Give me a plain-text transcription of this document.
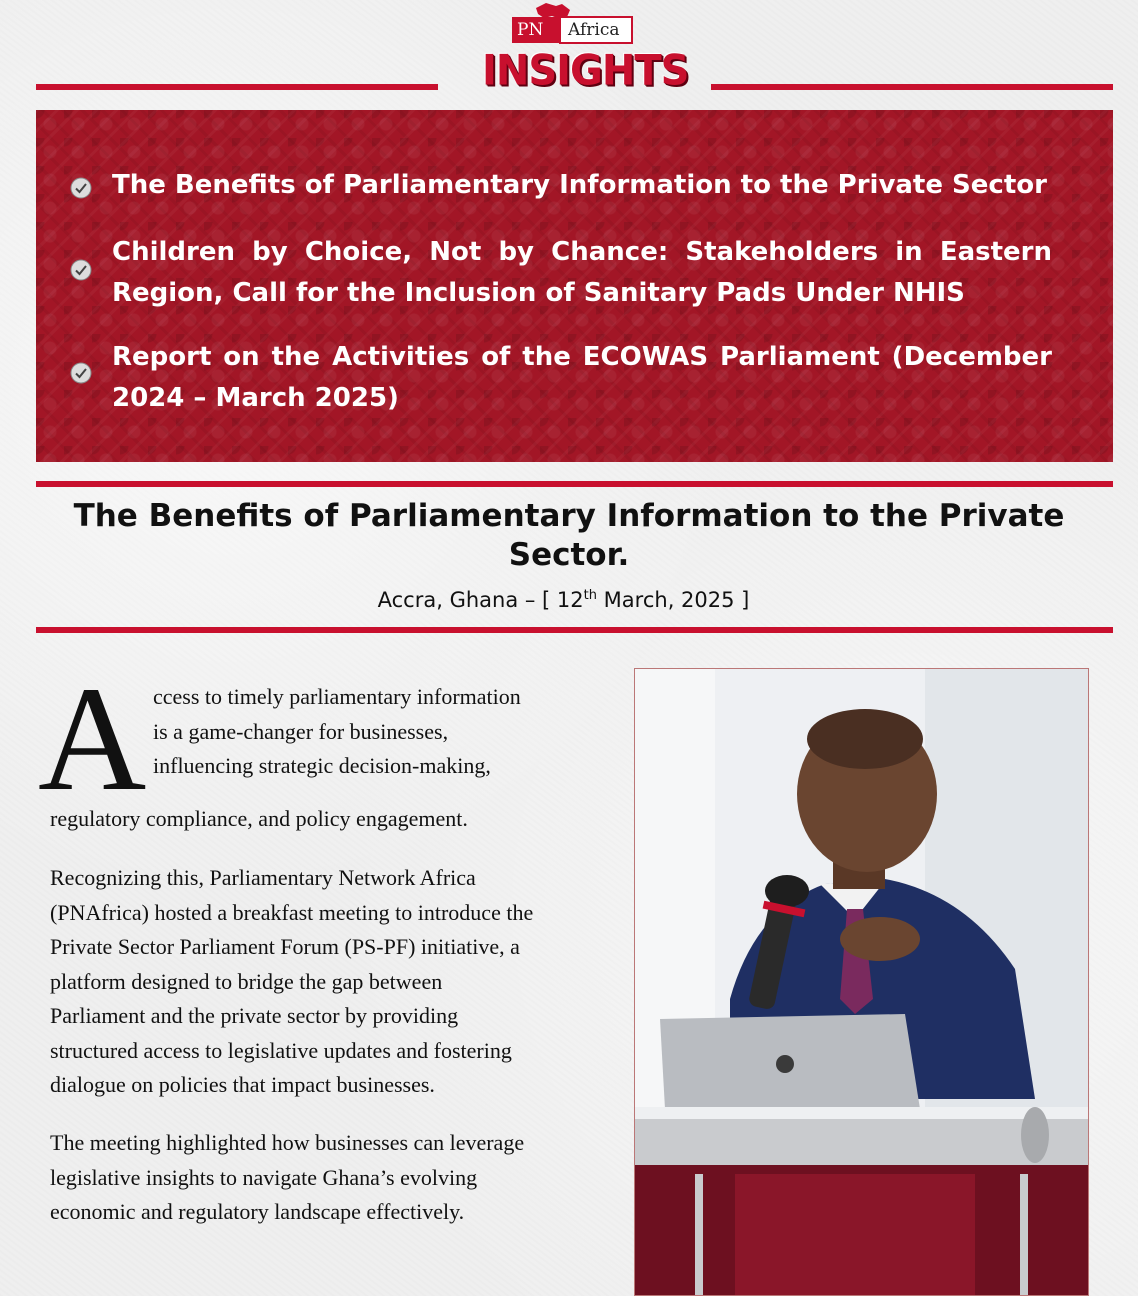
PN Africa
INSIGHTS
The Benefits of Parliamentary Information to the Private Sector
Children by Choice, Not by Chance: Stakeholders in Eastern Region, Call for the Inclusion of Sanitary Pads Under NHIS
Report on the Activities of the ECOWAS Parliament (December 2024 – March 2025)
The Benefits of Parliamentary Information to the Private Sector.
Accra, Ghana – [ 12th March, 2025 ]
A ccess to timely parliamentary information
is a game-changer for businesses,
influencing strategic decision-making,
regulatory compliance, and policy engagement.
Recognizing this, Parliamentary Network Africa
(PNAfrica) hosted a breakfast meeting to introduce the
Private Sector Parliament Forum (PS-PF) initiative, a
platform designed to bridge the gap between
Parliament and the private sector by providing
structured access to legislative updates and fostering
dialogue on policies that impact businesses.
The meeting highlighted how businesses can leverage
legislative insights to navigate Ghana’s evolving
economic and regulatory landscape effectively.
